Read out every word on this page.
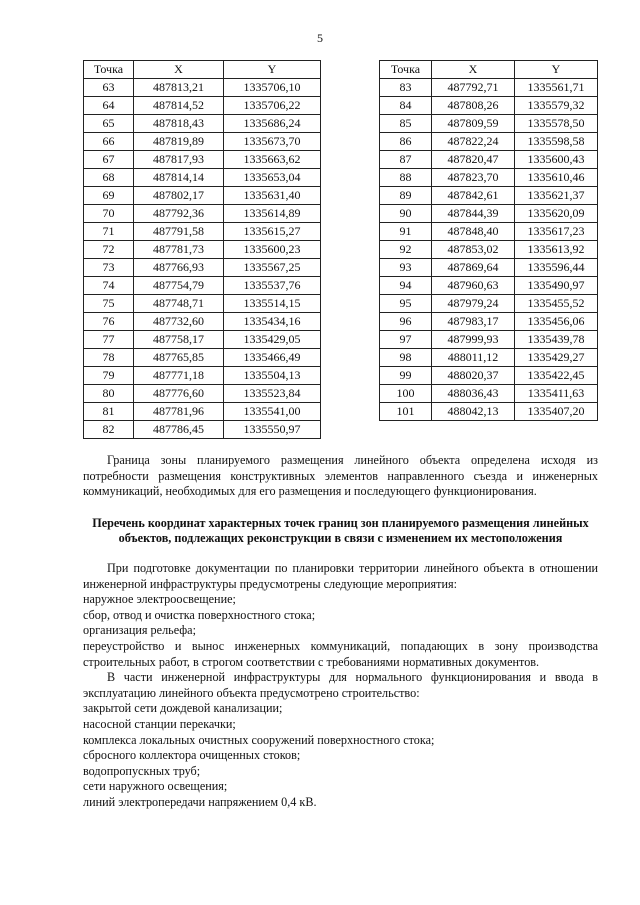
5
Точка	X	Y
63	487813,21	1335706,10
64	487814,52	1335706,22
65	487818,43	1335686,24
66	487819,89	1335673,70
67	487817,93	1335663,62
68	487814,14	1335653,04
69	487802,17	1335631,40
70	487792,36	1335614,89
71	487791,58	1335615,27
72	487781,73	1335600,23
73	487766,93	1335567,25
74	487754,79	1335537,76
75	487748,71	1335514,15
76	487732,60	1335434,16
77	487758,17	1335429,05
78	487765,85	1335466,49
79	487771,18	1335504,13
80	487776,60	1335523,84
81	487781,96	1335541,00
82	487786,45	1335550,97
Точка	X	Y
83	487792,71	1335561,71
84	487808,26	1335579,32
85	487809,59	1335578,50
86	487822,24	1335598,58
87	487820,47	1335600,43
88	487823,70	1335610,46
89	487842,61	1335621,37
90	487844,39	1335620,09
91	487848,40	1335617,23
92	487853,02	1335613,92
93	487869,64	1335596,44
94	487960,63	1335490,97
95	487979,24	1335455,52
96	487983,17	1335456,06
97	487999,93	1335439,78
98	488011,12	1335429,27
99	488020,37	1335422,45
100	488036,43	1335411,63
101	488042,13	1335407,20
Граница зоны планируемого размещения линейного объекта определена исходя из потребности размещения конструктивных элементов направленного съезда и инженерных коммуникаций, необходимых для его размещения и последующего функционирования.
Перечень координат характерных точек границ зон планируемого размещения линейных объектов, подлежащих реконструкции в связи с изменением их местоположения

При подготовке документации по планировки территории линейного объекта в отношении инженерной инфраструктуры предусмотрены следующие мероприятия:

наружное электроосвещение;

сбор, отвод и очистка поверхностного стока;

организация рельефа;

переустройство и вынос инженерных коммуникаций, попадающих в зону производства строительных работ, в строгом соответствии с требованиями нормативных документов.

В части инженерной инфраструктуры для нормального функционирования и ввода в эксплуатацию линейного объекта предусмотрено строительство:

закрытой сети дождевой канализации;

насосной станции перекачки;

комплекса локальных очистных сооружений поверхностного стока;

сбросного коллектора очищенных стоков;

водопропускных труб;

сети наружного освещения;

линий электропередачи напряжением 0,4 кВ.
